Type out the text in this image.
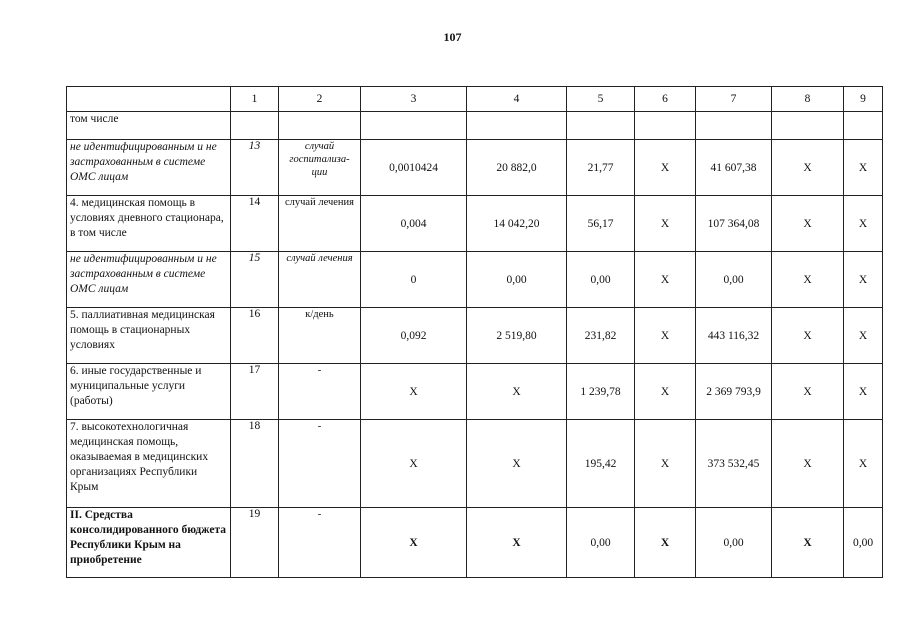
107
	1	2	3	4	5	6	7	8	9
том числе									
не идентифицированным и не застрахованным в системе ОМС лицам	13	случай госпитализа-ции	0,0010424	20 882,0	21,77	X	41 607,38	X	X
4. медицинская помощь в условиях дневного стационара, в том числе	14	случай лечения	0,004	14 042,20	56,17	X	107 364,08	X	X
не идентифицированным и не застрахованным в системе ОМС лицам	15	случай лечения	0	0,00	0,00	X	0,00	X	X
5. паллиативная медицинская помощь в стационарных условиях	16	к/день	0,092	2 519,80	231,82	X	443 116,32	X	X
6. иные государственные и муниципальные услуги (работы)	17	-	X	X	1 239,78	X	2 369 793,9	X	X
7. высокотехнологичная медицинская помощь, оказываемая в медицинских организациях Республики Крым	18	-	X	X	195,42	X	373 532,45	X	X
II. Средства консолидированного бюджета Республики Крым на приобретение	19	-	X	X	0,00	X	0,00	X	0,00
